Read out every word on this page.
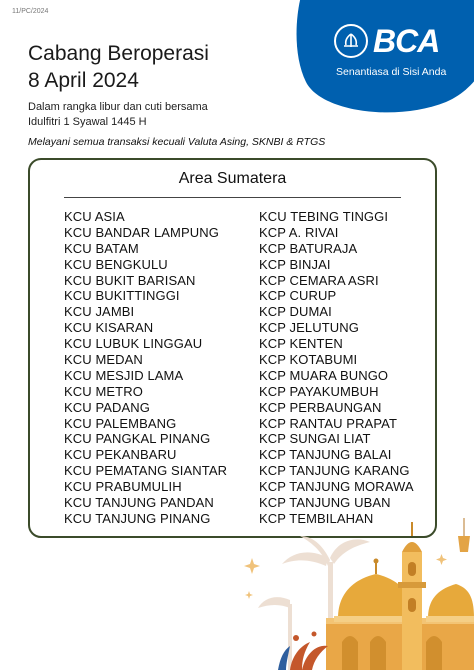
11/PC/2024
BCA
Senantiasa di Sisi Anda
Cabang Beroperasi
8 April 2024
Dalam rangka libur dan cuti bersama
Idulfitri 1 Syawal 1445 H
Melayani semua transaksi kecuali Valuta Asing, SKNBI & RTGS
Area Sumatera
KCU ASIA
KCU BANDAR LAMPUNG
KCU BATAM
KCU BENGKULU
KCU BUKIT BARISAN
KCU BUKITTINGGI
KCU JAMBI
KCU KISARAN
KCU LUBUK LINGGAU
KCU MEDAN
KCU MESJID LAMA
KCU METRO
KCU PADANG
KCU PALEMBANG
KCU PANGKAL PINANG
KCU PEKANBARU
KCU PEMATANG SIANTAR
KCU PRABUMULIH
KCU TANJUNG PANDAN
KCU TANJUNG PINANG
KCU TEBING TINGGI
KCP A. RIVAI
KCP BATURAJA
KCP BINJAI
KCP CEMARA ASRI
KCP CURUP
KCP DUMAI
KCP JELUTUNG
KCP KENTEN
KCP KOTABUMI
KCP MUARA BUNGO
KCP PAYAKUMBUH
KCP PERBAUNGAN
KCP RANTAU PRAPAT
KCP SUNGAI LIAT
KCP TANJUNG BALAI
KCP TANJUNG KARANG
KCP TANJUNG MORAWA
KCP TANJUNG UBAN
KCP TEMBILAHAN
